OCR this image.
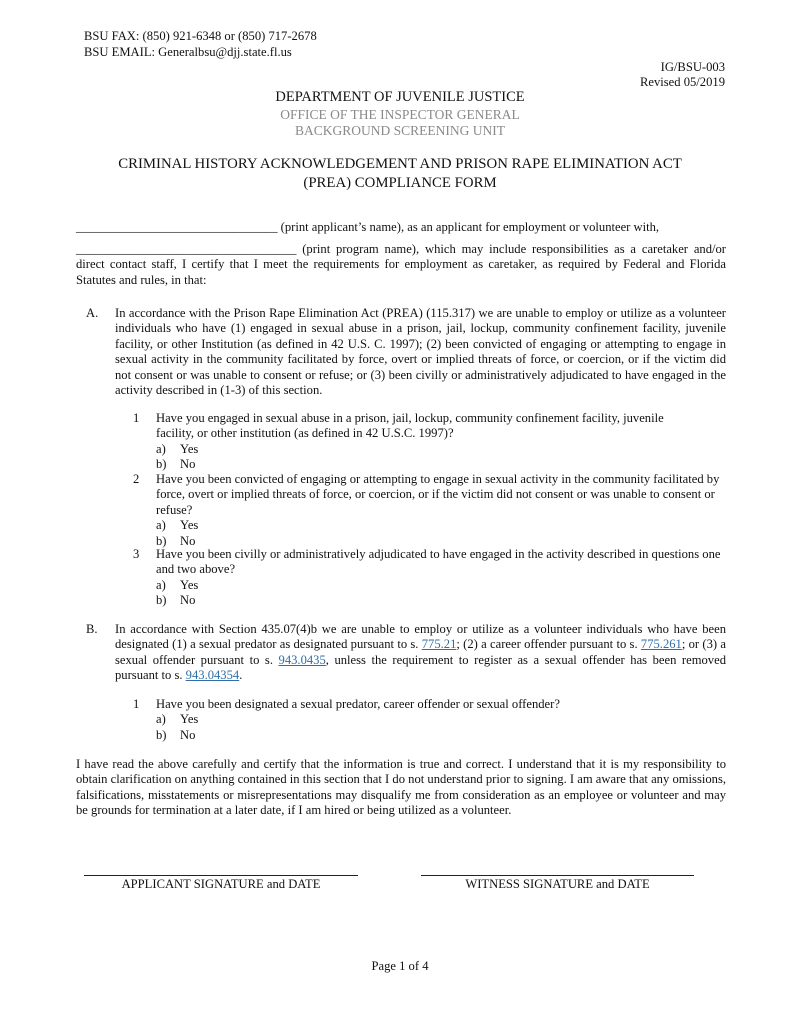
BSU FAX: (850) 921-6348 or (850) 717-2678
BSU EMAIL: Generalbsu@djj.state.fl.us
IG/BSU-003
Revised 05/2019
DEPARTMENT OF JUVENILE JUSTICE
OFFICE OF THE INSPECTOR GENERAL
BACKGROUND SCREENING UNIT
CRIMINAL HISTORY ACKNOWLEDGEMENT AND PRISON RAPE ELIMINATION ACT
(PREA) COMPLIANCE FORM
________________________________ (print applicant’s name), as an applicant for employment or volunteer with,
___________________________________ (print program name), which may include responsibilities as a caretaker and/or direct contact staff, I certify that I meet the requirements for employment as caretaker, as required by Federal and Florida Statutes and rules, in that:
A. In accordance with the Prison Rape Elimination Act (PREA) (115.317) we are unable to employ or utilize as a volunteer individuals who have (1) engaged in sexual abuse in a prison, jail, lockup, community confinement facility, juvenile facility, or other Institution (as defined in 42 U.S. C. 1997); (2) been convicted of engaging or attempting to engage in sexual activity in the community facilitated by force, overt or implied threats of force, or coercion, or if the victim did not consent or was unable to consent or refuse; or (3) been civilly or administratively adjudicated to have engaged in the activity described in (1-3) of this section.
1 Have you engaged in sexual abuse in a prison, jail, lockup, community confinement facility, juvenile facility, or other institution (as defined in 42 U.S.C. 1997)?
a) Yes
b) No
2 Have you been convicted of engaging or attempting to engage in sexual activity in the community facilitated by force, overt or implied threats of force, or coercion, or if the victim did not consent or was unable to consent or refuse?
a) Yes
b) No
3 Have you been civilly or administratively adjudicated to have engaged in the activity described in questions one and two above?
a) Yes
b) No
B. In accordance with Section 435.07(4)b we are unable to employ or utilize as a volunteer individuals who have been designated (1) a sexual predator as designated pursuant to s. 775.21; (2) a career offender pursuant to s. 775.261; or (3) a sexual offender pursuant to s. 943.0435, unless the requirement to register as a sexual offender has been removed pursuant to s. 943.04354.
1 Have you been designated a sexual predator, career offender or sexual offender?
a) Yes
b) No
I have read the above carefully and certify that the information is true and correct. I understand that it is my responsibility to obtain clarification on anything contained in this section that I do not understand prior to signing. I am aware that any omissions, falsifications, misstatements or misrepresentations may disqualify me from consideration as an employee or volunteer and may be grounds for termination at a later date, if I am hired or being utilized as a volunteer.
APPLICANT SIGNATURE and DATE	WITNESS SIGNATURE and DATE
Page 1 of 4
